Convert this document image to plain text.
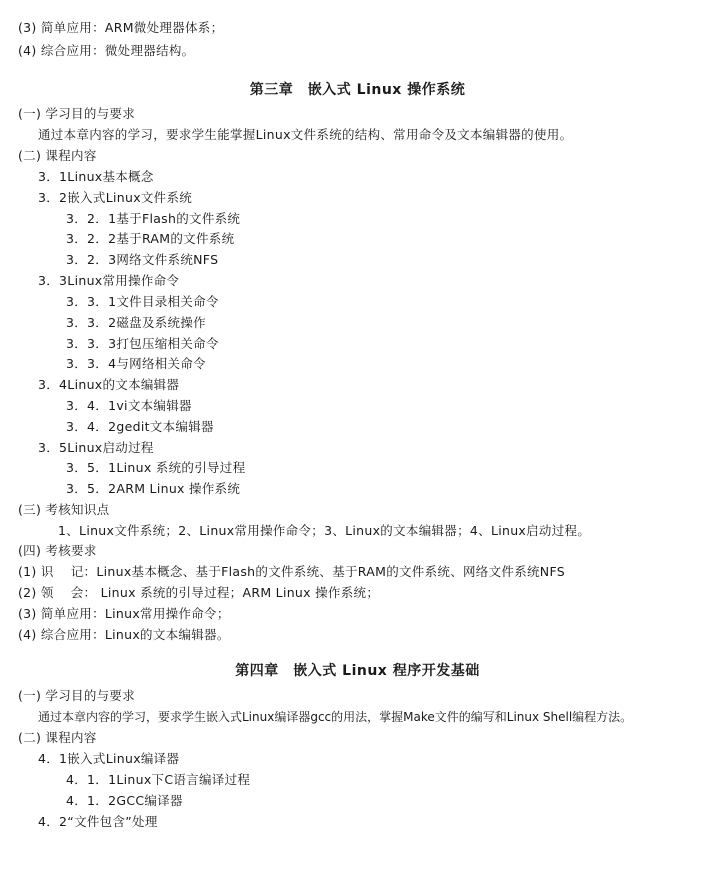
(3) 简单应用：ARM微处理器体系；
(4) 综合应用：微处理器结构。
第三章　嵌入式 Linux 操作系统
(一) 学习目的与要求
通过本章内容的学习，要求学生能掌握Linux文件系统的结构、常用命令及文本编辑器的使用。
(二) 课程内容
3．1Linux基本概念
3．2嵌入式Linux文件系统
3．2．1基于Flash的文件系统
3．2．2基于RAM的文件系统
3．2．3网络文件系统NFS
3．3Linux常用操作命令
3．3．1文件目录相关命令
3．3．2磁盘及系统操作
3．3．3打包压缩相关命令
3．3．4与网络相关命令
3．4Linux的文本编辑器
3．4．1vi文本编辑器
3．4．2gedit文本编辑器
3．5Linux启动过程
3．5．1Linux 系统的引导过程
3．5．2ARM Linux 操作系统
(三) 考核知识点
1、Linux文件系统；2、Linux常用操作命令；3、Linux的文本编辑器；4、Linux启动过程。
(四) 考核要求
(1) 识　 记：Linux基本概念、基于Flash的文件系统、基于RAM的文件系统、网络文件系统NFS
(2) 领　 会： Linux 系统的引导过程；ARM Linux 操作系统；
(3) 简单应用：Linux常用操作命令；
(4) 综合应用：Linux的文本编辑器。
第四章　嵌入式 Linux 程序开发基础
(一) 学习目的与要求
通过本章内容的学习，要求学生嵌入式Linux编译器gcc的用法，掌握Make文件的编写和Linux Shell编程方法。
(二) 课程内容
4．1嵌入式Linux编译器
4．1．1Linux下C语言编译过程
4．1．2GCC编译器
4．2“文件包含”处理
